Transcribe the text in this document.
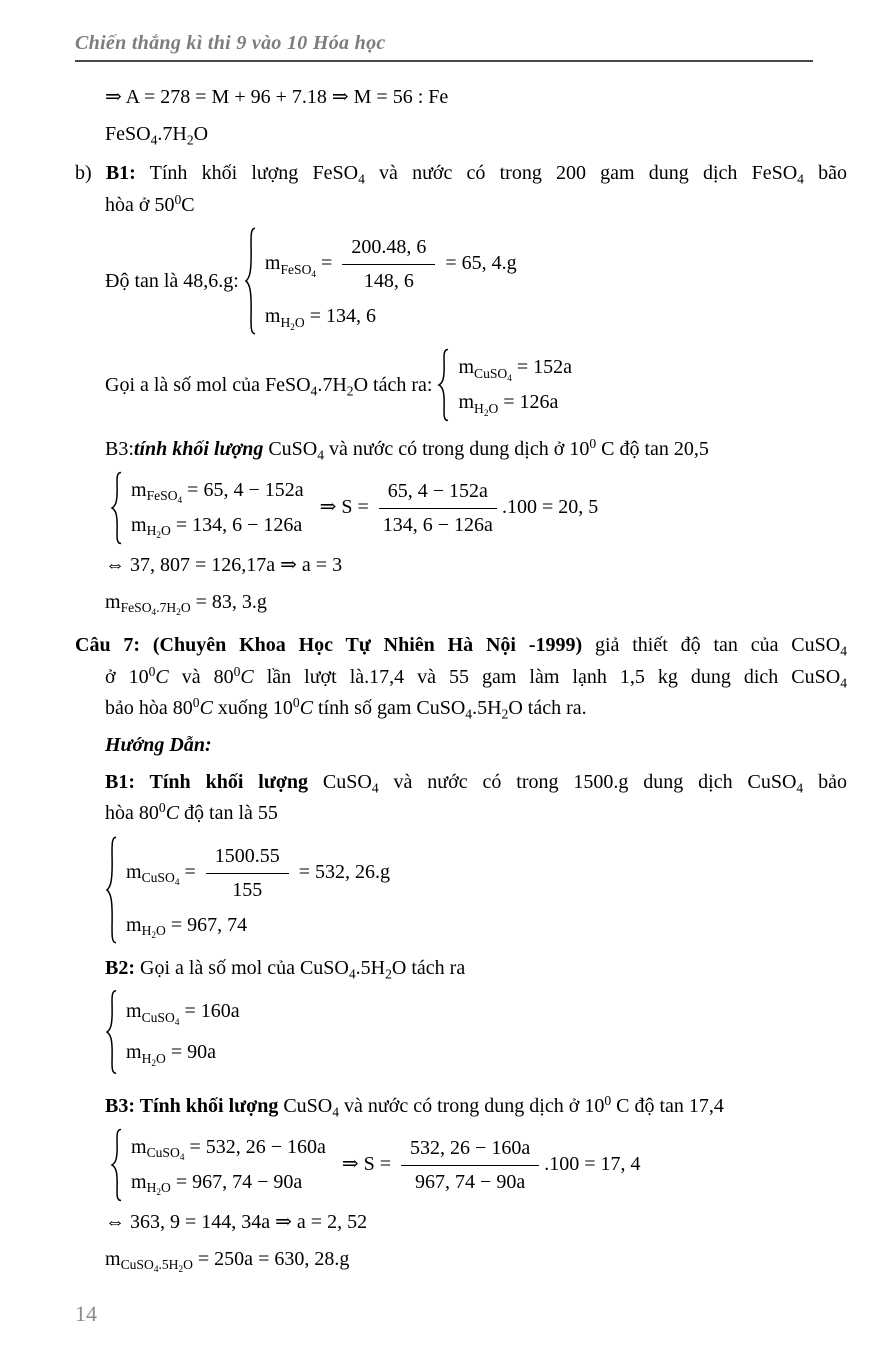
Chiến thắng kì thi 9 vào 10 Hóa học
⇒ A = 278 = M + 96 + 7.18 ⇒ M = 56 : Fe
$FeSO_4.7H_2O$
b) B1: Tính khối lượng FeSO$_4$ và nước có trong 200 gam dung dịch FeSO$_4$ bão
hòa ở $50^0C$
Độ tan là 48,6.g:
$m_{FeSO_4} = \frac{200.48, 6}{148, 6} = 65$, 4.g
$m_{H_2O} = 134$, 6
Gọi a là số mol của $FeSO_4.7H_2O$ tách ra:
$m_{CuSO_4} = 152a$
$m_{H_2O} = 126a$
B3:tính khối lượng CuSO$_4$ và nước có trong dung dịch ở $10^0$ C độ tan 20,5
$m_{FeSO_4} = 65$, 4 − 152a
$m_{H_2O} = 134$, 6 − 126a
⇒ $S = \frac{65, 4 - 152a}{134, 6 - 126a} .100 = 20$, 5
⇔ 37, 807 = 126,17a ⇒ a = 3
$m_{FeSO_4.7H_2O} = 83$, 3.g
Câu 7: (Chuyên Khoa Học Tự Nhiên Hà Nội -1999) giả thiết độ tan của CuSO$_4$
ở $10^0C$ và $80^0C$ lần lượt là.17,4 và 55 gam làm lạnh 1,5 kg dung dich CuSO$_4$
bảo hòa $80^0C$ xuống $10^0C$ tính số gam $CuSO_4.5H_2O$ tách ra.
Hướng Dẫn:
B1: Tính khối lượng CuSO$_4$ và nước có trong 1500.g dung dịch CuSO$_4$ bảo
hòa $80^0C$ độ tan là 55
$m_{CuSO_4} = \frac{1500.55}{155} = 532$, 26.g
$m_{H_2O} = 967$, 74
B2: Gọi a là số mol của $CuSO_4.5H_2O$ tách ra
$m_{CuSO_4} = 160a$
$m_{H_2O} = 90a$
B3: Tính khối lượng CuSO$_4$ và nước có trong dung dịch ở $10^0$ C độ tan 17,4
$m_{CuSO_4} = 532$, 26 − 160a
$m_{H_2O} = 967$, 74 − 90a
⇒ $S = \frac{532, 26 - 160a}{967, 74 - 90a} .100 = 17$, 4
⇔ 363, 9 = 144, 34a ⇒ a = 2, 52
$m_{CuSO_4.5H_2O} = 250a = 630$, 28.g
14
